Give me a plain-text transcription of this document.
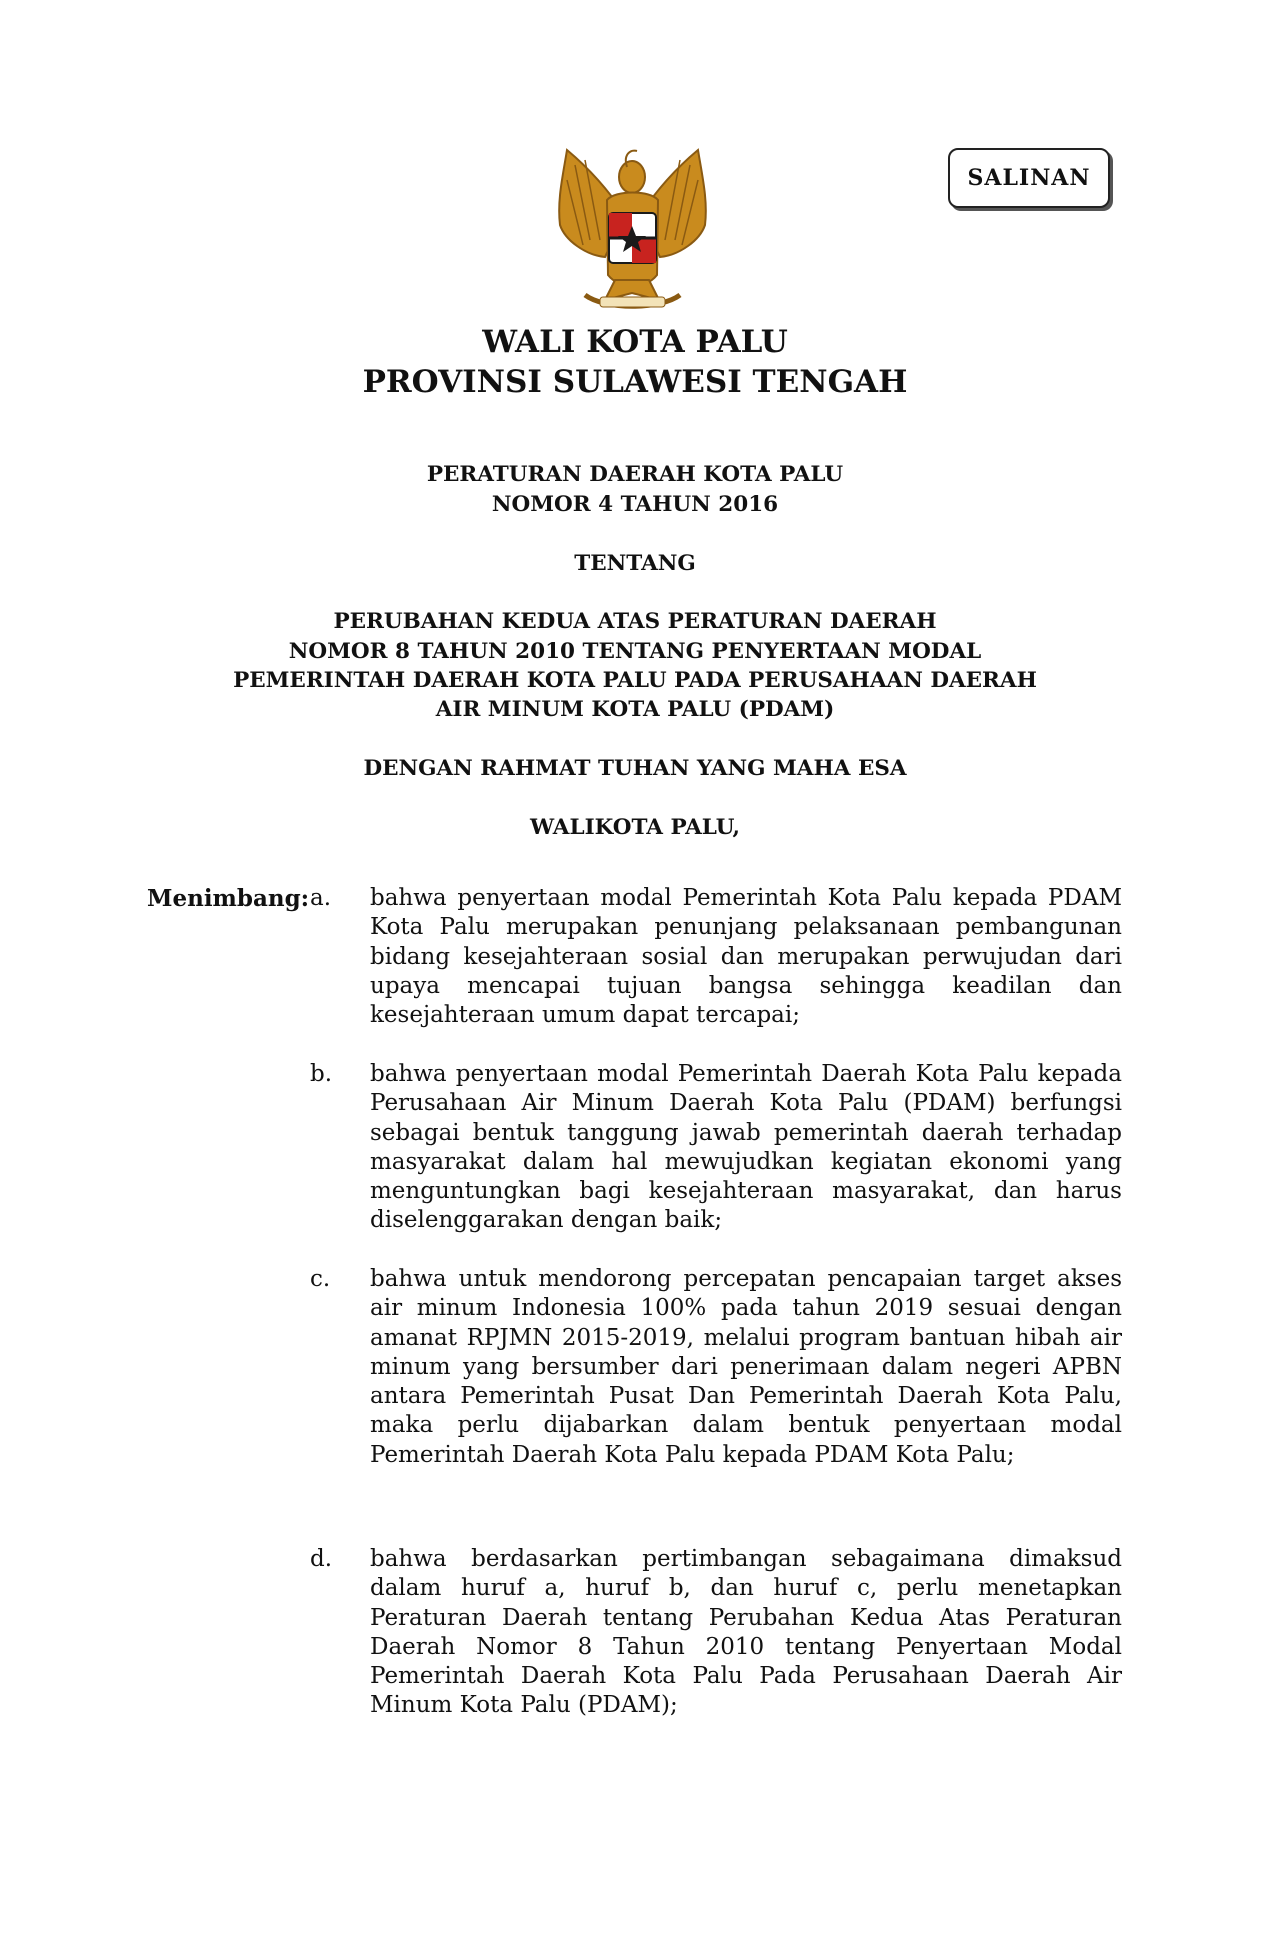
SALINAN
WALI KOTA PALU
PROVINSI SULAWESI TENGAH
PERATURAN DAERAH KOTA PALU
NOMOR 4 TAHUN 2016
TENTANG
PERUBAHAN KEDUA ATAS PERATURAN DAERAH
NOMOR 8 TAHUN 2010 TENTANG PENYERTAAN MODAL
PEMERINTAH DAERAH KOTA PALU PADA PERUSAHAAN DAERAH
AIR MINUM KOTA PALU (PDAM)
DENGAN RAHMAT TUHAN YANG MAHA ESA
WALIKOTA PALU,
Menimbang: a. bahwa penyertaan modal Pemerintah Kota Palu kepada PDAM Kota Palu merupakan penunjang pelaksanaan pembangunan bidang kesejahteraan sosial dan merupakan perwujudan dari upaya mencapai tujuan bangsa sehingga keadilan dan kesejahteraan umum dapat tercapai;
b. bahwa penyertaan modal Pemerintah Daerah Kota Palu kepada Perusahaan Air Minum Daerah Kota Palu (PDAM) berfungsi sebagai bentuk tanggung jawab pemerintah daerah terhadap masyarakat dalam hal mewujudkan kegiatan ekonomi yang menguntungkan bagi kesejahteraan masyarakat, dan harus diselenggarakan dengan baik;
c. bahwa untuk mendorong percepatan pencapaian target akses air minum Indonesia 100% pada tahun 2019 sesuai dengan amanat RPJMN 2015-2019, melalui program bantuan hibah air minum yang bersumber dari penerimaan dalam negeri APBN antara Pemerintah Pusat Dan Pemerintah Daerah Kota Palu, maka perlu dijabarkan dalam bentuk penyertaan modal Pemerintah Daerah Kota Palu kepada PDAM Kota Palu;
d. bahwa berdasarkan pertimbangan sebagaimana dimaksud dalam huruf a, huruf b, dan huruf c, perlu menetapkan Peraturan Daerah tentang Perubahan Kedua Atas Peraturan Daerah Nomor 8 Tahun 2010 tentang Penyertaan Modal Pemerintah Daerah Kota Palu Pada Perusahaan Daerah Air Minum Kota Palu (PDAM);
